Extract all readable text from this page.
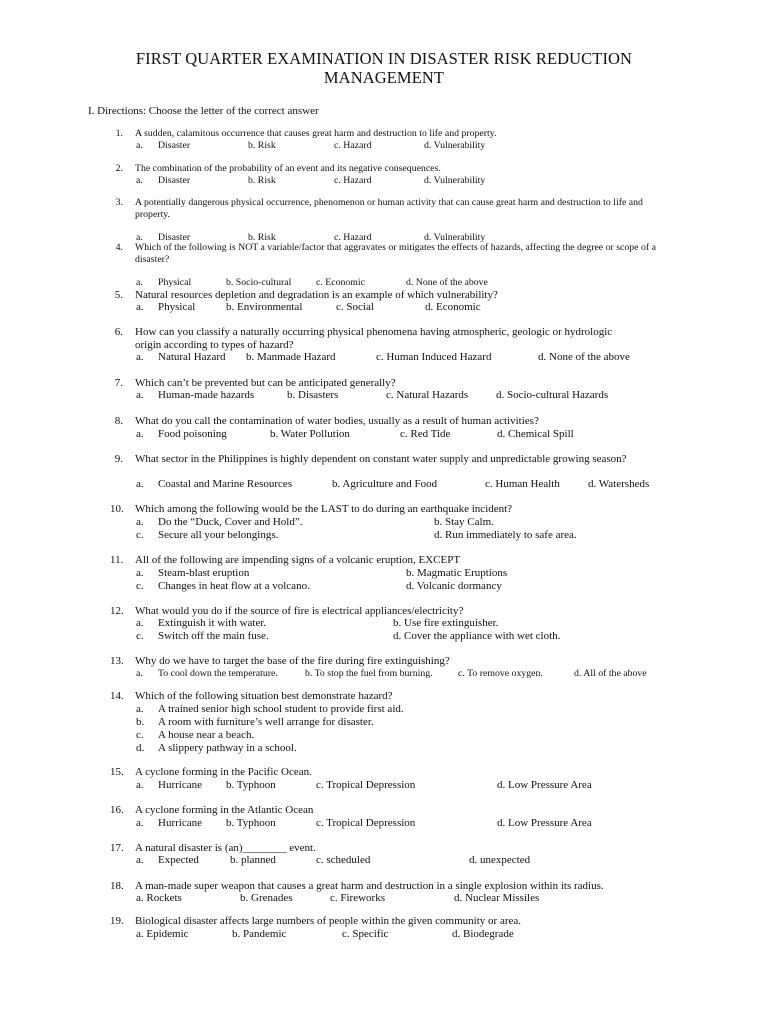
FIRST QUARTER EXAMINATION IN DISASTER RISK REDUCTION
MANAGEMENT
I. Directions: Choose the letter of the correct answer
1. A sudden, calamitous occurrence that causes great harm and destruction to life and property.
a. Disaster	b. Risk	c. Hazard	d. Vulnerability
2. The combination of the probability of an event and its negative consequences.
a. Disaster	b. Risk	c. Hazard	d. Vulnerability
3. A potentially dangerous physical occurrence, phenomenon or human activity that can cause great harm and destruction to life and property.
a. Disaster	b. Risk	c. Hazard	d. Vulnerability
4. Which of the following is NOT a variable/factor that aggravates or mitigates the effects of hazards, affecting the degree or scope of a disaster?
a. Physical	b. Socio-cultural	c. Economic	d. None of the above
5. Natural resources depletion and degradation is an example of which vulnerability?
a. Physical	b. Environmental	c. Social	d. Economic
6. How can you classify a naturally occurring physical phenomena having atmospheric, geologic or hydrologic origin according to types of hazard?
a. Natural Hazard b. Manmade Hazard	c. Human Induced Hazard	d. None of the above
7. Which can’t be prevented but can be anticipated generally?
a. Human-made hazards	b. Disasters	c. Natural Hazards	d. Socio-cultural Hazards
8. What do you call the contamination of water bodies, usually as a result of human activities?
a. Food poisoning	b. Water Pollution	c. Red Tide	d. Chemical Spill
9. What sector in the Philippines is highly dependent on constant water supply and unpredictable growing season?
a. Coastal and Marine Resources	b. Agriculture and Food	c. Human Health	d. Watersheds
10. Which among the following would be the LAST to do during an earthquake incident?
a. Do the “Duck, Cover and Hold”.	b. Stay Calm.
c. Secure all your belongings.	d. Run immediately to safe area.
11. All of the following are impending signs of a volcanic eruption, EXCEPT
a. Steam-blast eruption	b. Magmatic Eruptions
c. Changes in heat flow at a volcano.	d. Volcanic dormancy
12. What would you do if the source of fire is electrical appliances/electricity?
a. Extinguish it with water.	b. Use fire extinguisher.
c. Switch off the main fuse.	d. Cover the appliance with wet cloth.
13. Why do we have to target the base of the fire during fire extinguishing?
a. To cool down the temperature.	b. To stop the fuel from burning.	c. To remove oxygen.	d. All of the above
14. Which of the following situation best demonstrate hazard?
a. A trained senior high school student to provide first aid.
b. A room with furniture’s well arrange for disaster.
c. A house near a beach.
d. A slippery pathway in a school.
15. A cyclone forming in the Pacific Ocean.
a. Hurricane b. Typhoon	c. Tropical Depression	d. Low Pressure Area
16. A cyclone forming in the Atlantic Ocean
a. Hurricane b. Typhoon	c. Tropical Depression	d. Low Pressure Area
17. A natural disaster is (an)________ event.
a. Expected	b. planned	c. scheduled	d. unexpected
18. A man-made super weapon that causes a great harm and destruction in a single explosion within its radius.
a. Rockets	b. Grenades	c. Fireworks	d. Nuclear Missiles
19. Biological disaster affects large numbers of people within the given community or area.
a. Epidemic	b. Pandemic	c. Specific	d. Biodegrade
